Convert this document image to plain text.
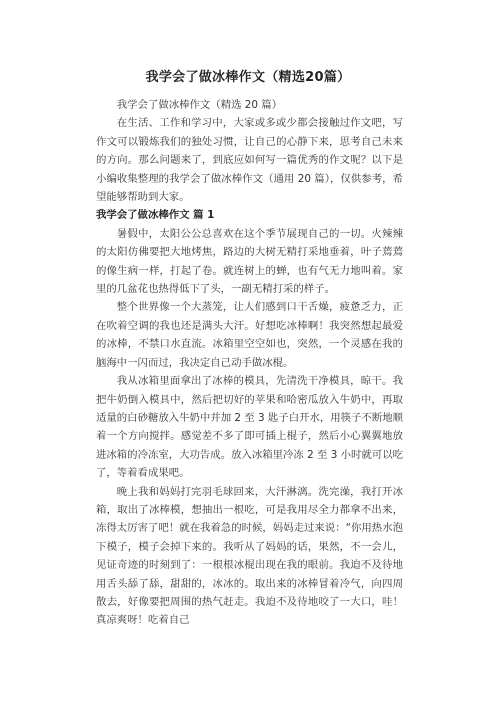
我学会了做冰棒作文（精选20篇）

我学会了做冰棒作文（精选 20 篇）

在生活、工作和学习中，大家或多或少都会接触过作文吧，写作文可以锻炼我们的独处习惯，让自己的心静下来，思考自己未来的方向。那么问题来了，到底应如何写一篇优秀的作文呢？以下是小编收集整理的我学会了做冰棒作文（通用 20 篇），仅供参考，希望能够帮助到大家。

我学会了做冰棒作文 篇 1

暑假中，太阳公公总喜欢在这个季节展现自己的一切。火辣辣的太阳仿佛要把大地烤焦，路边的大树无精打采地垂着，叶子蔫蔫的像生病一样，打起了卷。就连树上的蝉，也有气无力地叫着。家里的几盆花也热得低下了头，一副无精打采的样子。

整个世界像一个大蒸笼，让人们感到口干舌燥，疲惫乏力，正在吹着空调的我也还是满头大汗。好想吃冰棒啊！我突然想起最爱的冰棒，不禁口水直流。冰箱里空空如也，突然，一个灵感在我的脑海中一闪而过，我决定自己动手做冰棍。

我从冰箱里面拿出了冰棒的模具，先清洗干净模具，晾干。我把牛奶倒入模具中，然后把切好的苹果和哈密瓜放入牛奶中，再取适量的白砂糖放入牛奶中并加 2 至 3 匙子白开水，用筷子不断地顺着一个方向搅拌。感觉差不多了即可插上棍子，然后小心翼翼地放进冰箱的冷冻室，大功告成。放入冰箱里冷冻 2 至 3 小时就可以吃了，等着看成果吧。

晚上我和妈妈打完羽毛球回来，大汗淋漓。洗完澡，我打开冰箱，取出了冰棒模，想抽出一根吃，可是我用尽全力都拿不出来，冻得太厉害了吧！就在我着急的时候，妈妈走过来说：“你用热水泡下模子，模子会掉下来的。我听从了妈妈的话，果然，不一会儿，见证奇迹的时刻到了：一根根冰棍出现在我的眼前。我迫不及待地用舌头舔了舔，甜甜的，冰冰的。取出来的冰棒冒着冷气，向四周散去，好像要把周围的热气赶走。我迫不及待地咬了一大口，哇！真凉爽呀！吃着自己
